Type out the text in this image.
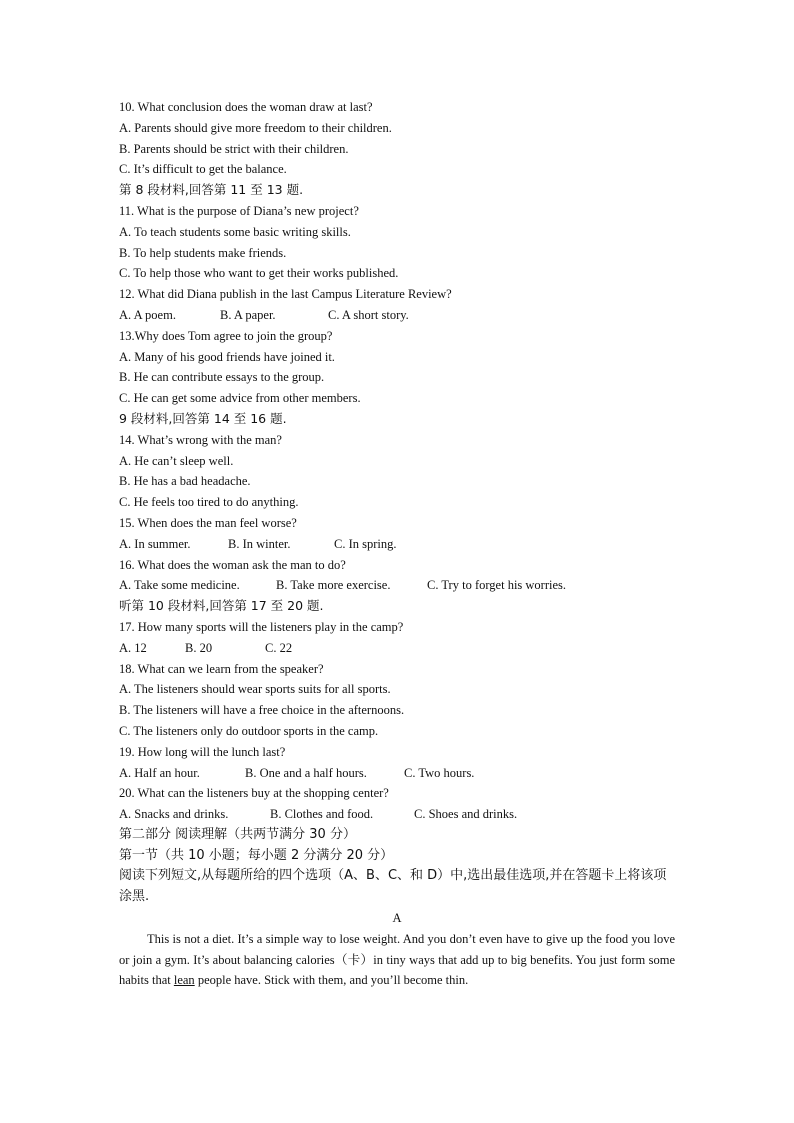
10. What conclusion does the woman draw at last?
A. Parents should give more freedom to their children.
B. Parents should be strict with their children.
C. It’s difficult to get the balance.
第 8 段材料,回答第 11 至 13 题.
11. What is the purpose of Diana’s new project?
A. To teach students some basic writing skills.
B. To help students make friends.
C. To help those who want to get their works published.
12. What did Diana publish in the last Campus Literature Review?
A. A poem.	B. A paper.	C. A short story.
13.Why does Tom agree to join the group?
A. Many of his good friends have joined it.
B. He can contribute essays to the group.
C. He can get some advice from other members.
9 段材料,回答第 14 至 16 题.
14. What’s wrong with the man?
A. He can’t sleep well.
B. He has a bad headache.
C. He feels too tired to do anything.
15. When does the man feel worse?
A. In summer.	B. In winter.	C. In spring.
16. What does the woman ask the man to do?
A. Take some medicine.	B. Take more exercise.	C. Try to forget his worries.
听第 10 段材料,回答第 17 至 20 题.
17. How many sports will the listeners play in the camp?
A. 12	B. 20	C. 22
18. What can we learn from the speaker?
A. The listeners should wear sports suits for all sports.
B. The listeners will have a free choice in the afternoons.
C. The listeners only do outdoor sports in the camp.
19. How long will the lunch last?
A. Half an hour.	B. One and a half hours.	C. Two hours.
20. What can the listeners buy at the shopping center?
A. Snacks and drinks.	B. Clothes and food.	C. Shoes and drinks.
第二部分 阅读理解（共两节满分 30 分）
第一节（共 10 小题；每小题 2 分满分 20 分）
阅读下列短文,从每题所给的四个选项（A、B、C、和 D）中,选出最佳选项,并在答题卡上将该项涂黑.
A
This is not a diet. It’s a simple way to lose weight. And you don’t even have to give up the food you love or join a gym. It’s about balancing calories（卡）in tiny ways that add up to big benefits. You just form some habits that lean people have. Stick with them, and you’ll become thin.
